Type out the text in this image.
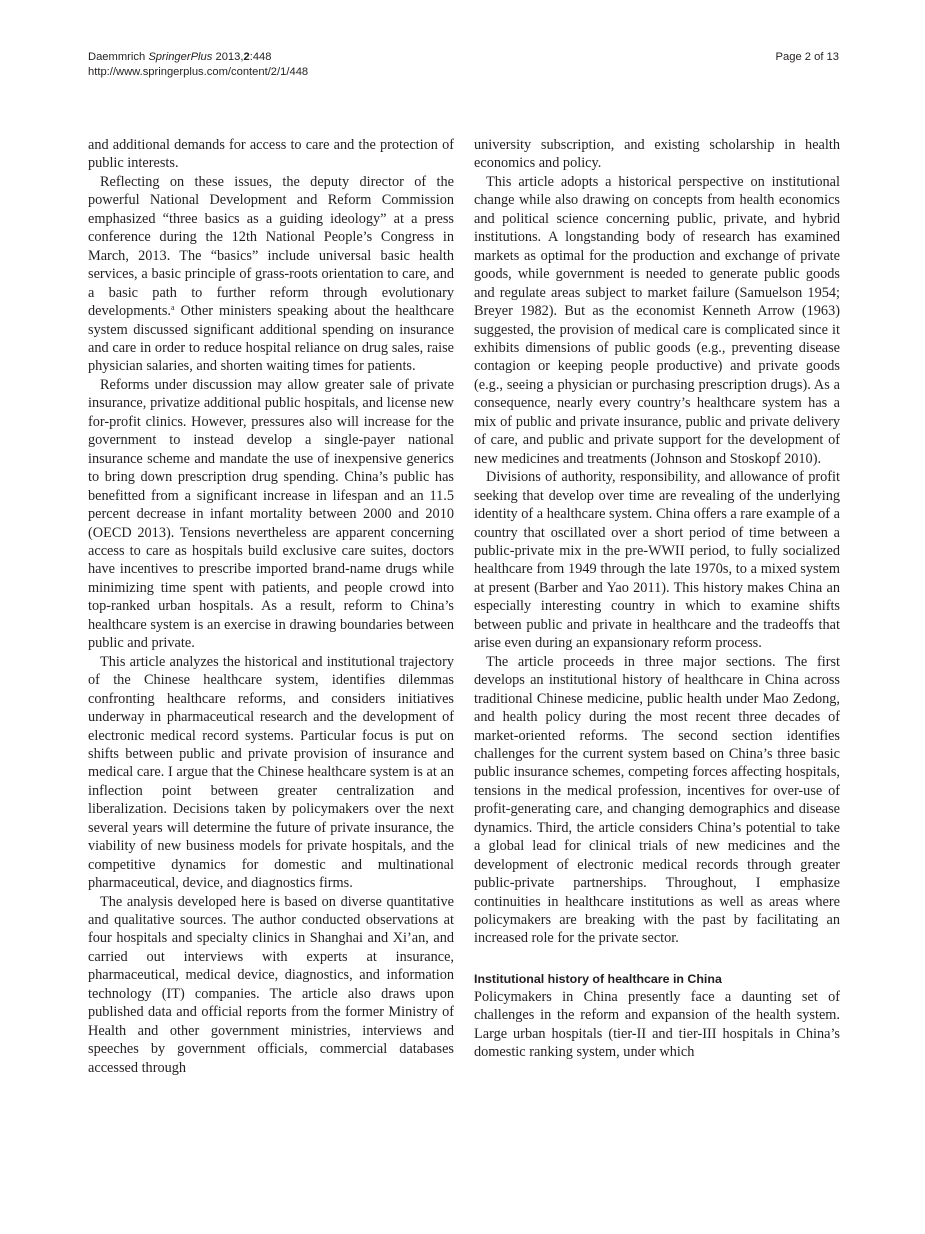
Daemmrich SpringerPlus 2013,2:448
http://www.springerplus.com/content/2/1/448
Page 2 of 13

and additional demands for access to care and the protection of public interests.

Reflecting on these issues, the deputy director of the powerful National Development and Reform Commission emphasized “three basics as a guiding ideology” at a press conference during the 12th National People’s Congress in March, 2013. The “basics” include universal basic health services, a basic principle of grass-roots orientation to care, and a basic path to further reform through evolutionary developments.$^a$ Other ministers speaking about the healthcare system discussed significant additional spending on insurance and care in order to reduce hospital reliance on drug sales, raise physician salaries, and shorten waiting times for patients.

Reforms under discussion may allow greater sale of private insurance, privatize additional public hospitals, and license new for-profit clinics. However, pressures also will increase for the government to instead develop a single-payer national insurance scheme and mandate the use of inexpensive generics to bring down prescription drug spending. China’s public has benefitted from a significant increase in lifespan and an 11.5 percent decrease in infant mortality between 2000 and 2010 (OECD 2013). Tensions nevertheless are apparent concerning access to care as hospitals build exclusive care suites, doctors have incentives to prescribe imported brand-name drugs while minimizing time spent with patients, and people crowd into top-ranked urban hospitals. As a result, reform to China’s healthcare system is an exercise in drawing boundaries between public and private.

This article analyzes the historical and institutional trajectory of the Chinese healthcare system, identifies dilemmas confronting healthcare reforms, and considers initiatives underway in pharmaceutical research and the development of electronic medical record systems. Particular focus is put on shifts between public and private provision of insurance and medical care. I argue that the Chinese healthcare system is at an inflection point between greater centralization and liberalization. Decisions taken by policymakers over the next several years will determine the future of private insurance, the viability of new business models for private hospitals, and the competitive dynamics for domestic and multinational pharmaceutical, device, and diagnostics firms.

The analysis developed here is based on diverse quantitative and qualitative sources. The author conducted observations at four hospitals and specialty clinics in Shanghai and Xi’an, and carried out interviews with experts at insurance, pharmaceutical, medical device, diagnostics, and information technology (IT) companies. The article also draws upon published data and official reports from the former Ministry of Health and other government ministries, interviews and speeches by government officials, commercial databases accessed through

university subscription, and existing scholarship in health economics and policy.

This article adopts a historical perspective on institutional change while also drawing on concepts from health economics and political science concerning public, private, and hybrid institutions. A longstanding body of research has examined markets as optimal for the production and exchange of private goods, while government is needed to generate public goods and regulate areas subject to market failure (Samuelson 1954; Breyer 1982). But as the economist Kenneth Arrow (1963) suggested, the provision of medical care is complicated since it exhibits dimensions of public goods (e.g., preventing disease contagion or keeping people productive) and private goods (e.g., seeing a physician or purchasing prescription drugs). As a consequence, nearly every country’s healthcare system has a mix of public and private insurance, public and private delivery of care, and public and private support for the development of new medicines and treatments (Johnson and Stoskopf 2010).

Divisions of authority, responsibility, and allowance of profit seeking that develop over time are revealing of the underlying identity of a healthcare system. China offers a rare example of a country that oscillated over a short period of time between a public-private mix in the pre-WWII period, to fully socialized healthcare from 1949 through the late 1970s, to a mixed system at present (Barber and Yao 2011). This history makes China an especially interesting country in which to examine shifts between public and private in healthcare and the tradeoffs that arise even during an expansionary reform process.

The article proceeds in three major sections. The first develops an institutional history of healthcare in China across traditional Chinese medicine, public health under Mao Zedong, and health policy during the most recent three decades of market-oriented reforms. The second section identifies challenges for the current system based on China’s three basic public insurance schemes, competing forces affecting hospitals, tensions in the medical profession, incentives for over-use of profit-generating care, and changing demographics and disease dynamics. Third, the article considers China’s potential to take a global lead for clinical trials of new medicines and the development of electronic medical records through greater public-private partnerships. Throughout, I emphasize continuities in healthcare institutions as well as areas where policymakers are breaking with the past by facilitating an increased role for the private sector.

Institutional history of healthcare in China

Policymakers in China presently face a daunting set of challenges in the reform and expansion of the health system. Large urban hospitals (tier-II and tier-III hospitals in China’s domestic ranking system, under which
